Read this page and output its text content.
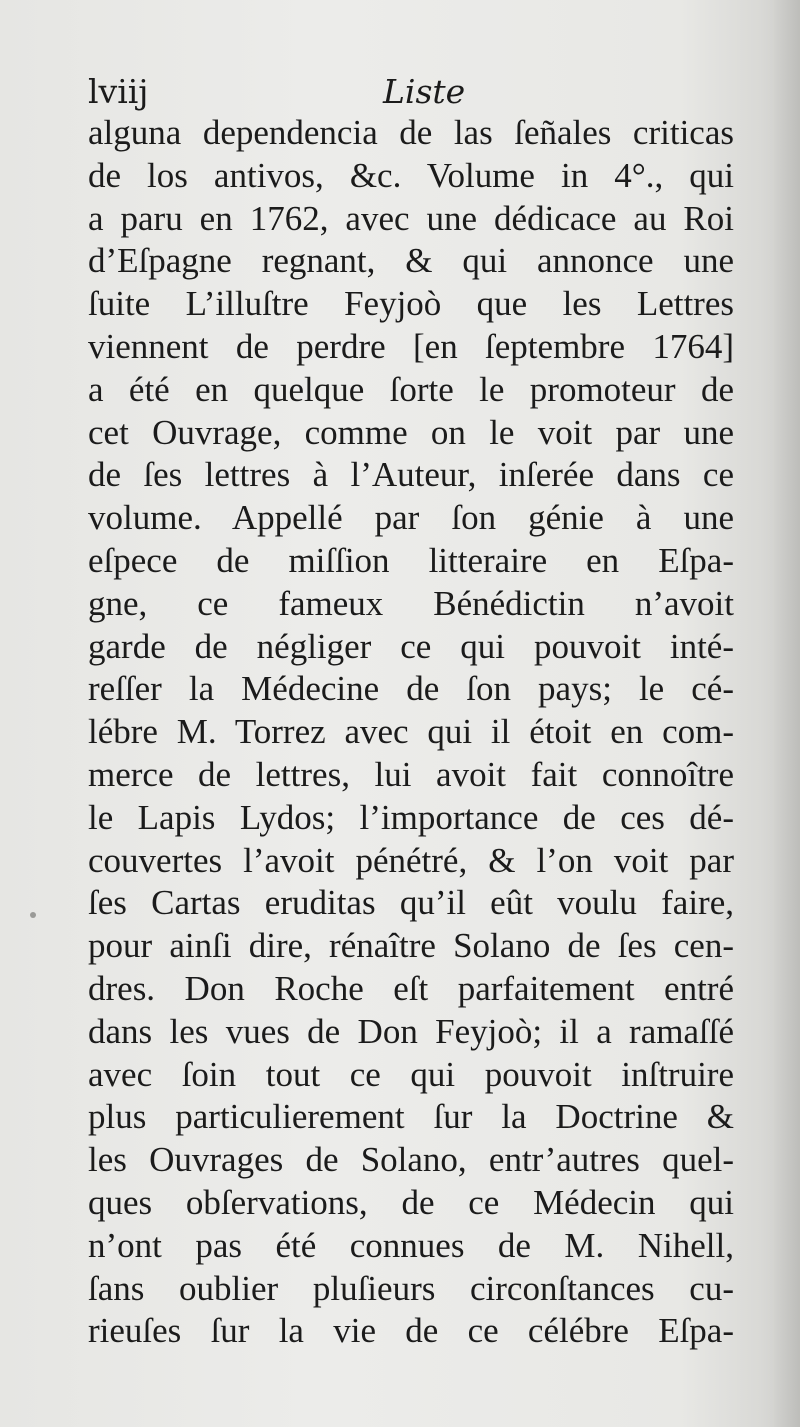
lviij	Liste
alguna dependencia de las ſeñales criticas
de los antivos, &c. Volume in 4°., qui
a paru en 1762, avec une dédicace au Roi
d’Eſpagne regnant, & qui annonce une
ſuite L’illuſtre Feyjoò que les Lettres
viennent de perdre [en ſeptembre 1764]
a été en quelque ſorte le promoteur de
cet Ouvrage, comme on le voit par une
de ſes lettres à l’Auteur, inſerée dans ce
volume. Appellé par ſon génie à une
eſpece de miſſion litteraire en Eſpa-
gne, ce fameux Bénédictin n’avoit
garde de négliger ce qui pouvoit inté-
reſſer la Médecine de ſon pays; le cé-
lébre M. Torrez avec qui il étoit en com-
merce de lettres, lui avoit fait connoître
le Lapis Lydos; l’importance de ces dé-
couvertes l’avoit pénétré, & l’on voit par
ſes Cartas eruditas qu’il eût voulu faire,
pour ainſi dire, rénaître Solano de ſes cen-
dres. Don Roche eſt parfaitement entré
dans les vues de Don Feyjoò; il a ramaſſé
avec ſoin tout ce qui pouvoit inſtruire
plus particulierement ſur la Doctrine &
les Ouvrages de Solano, entr’autres quel-
ques obſervations, de ce Médecin qui
n’ont pas été connues de M. Nihell,
ſans oublier pluſieurs circonſtances cu-
rieuſes ſur la vie de ce célébre Eſpa-
